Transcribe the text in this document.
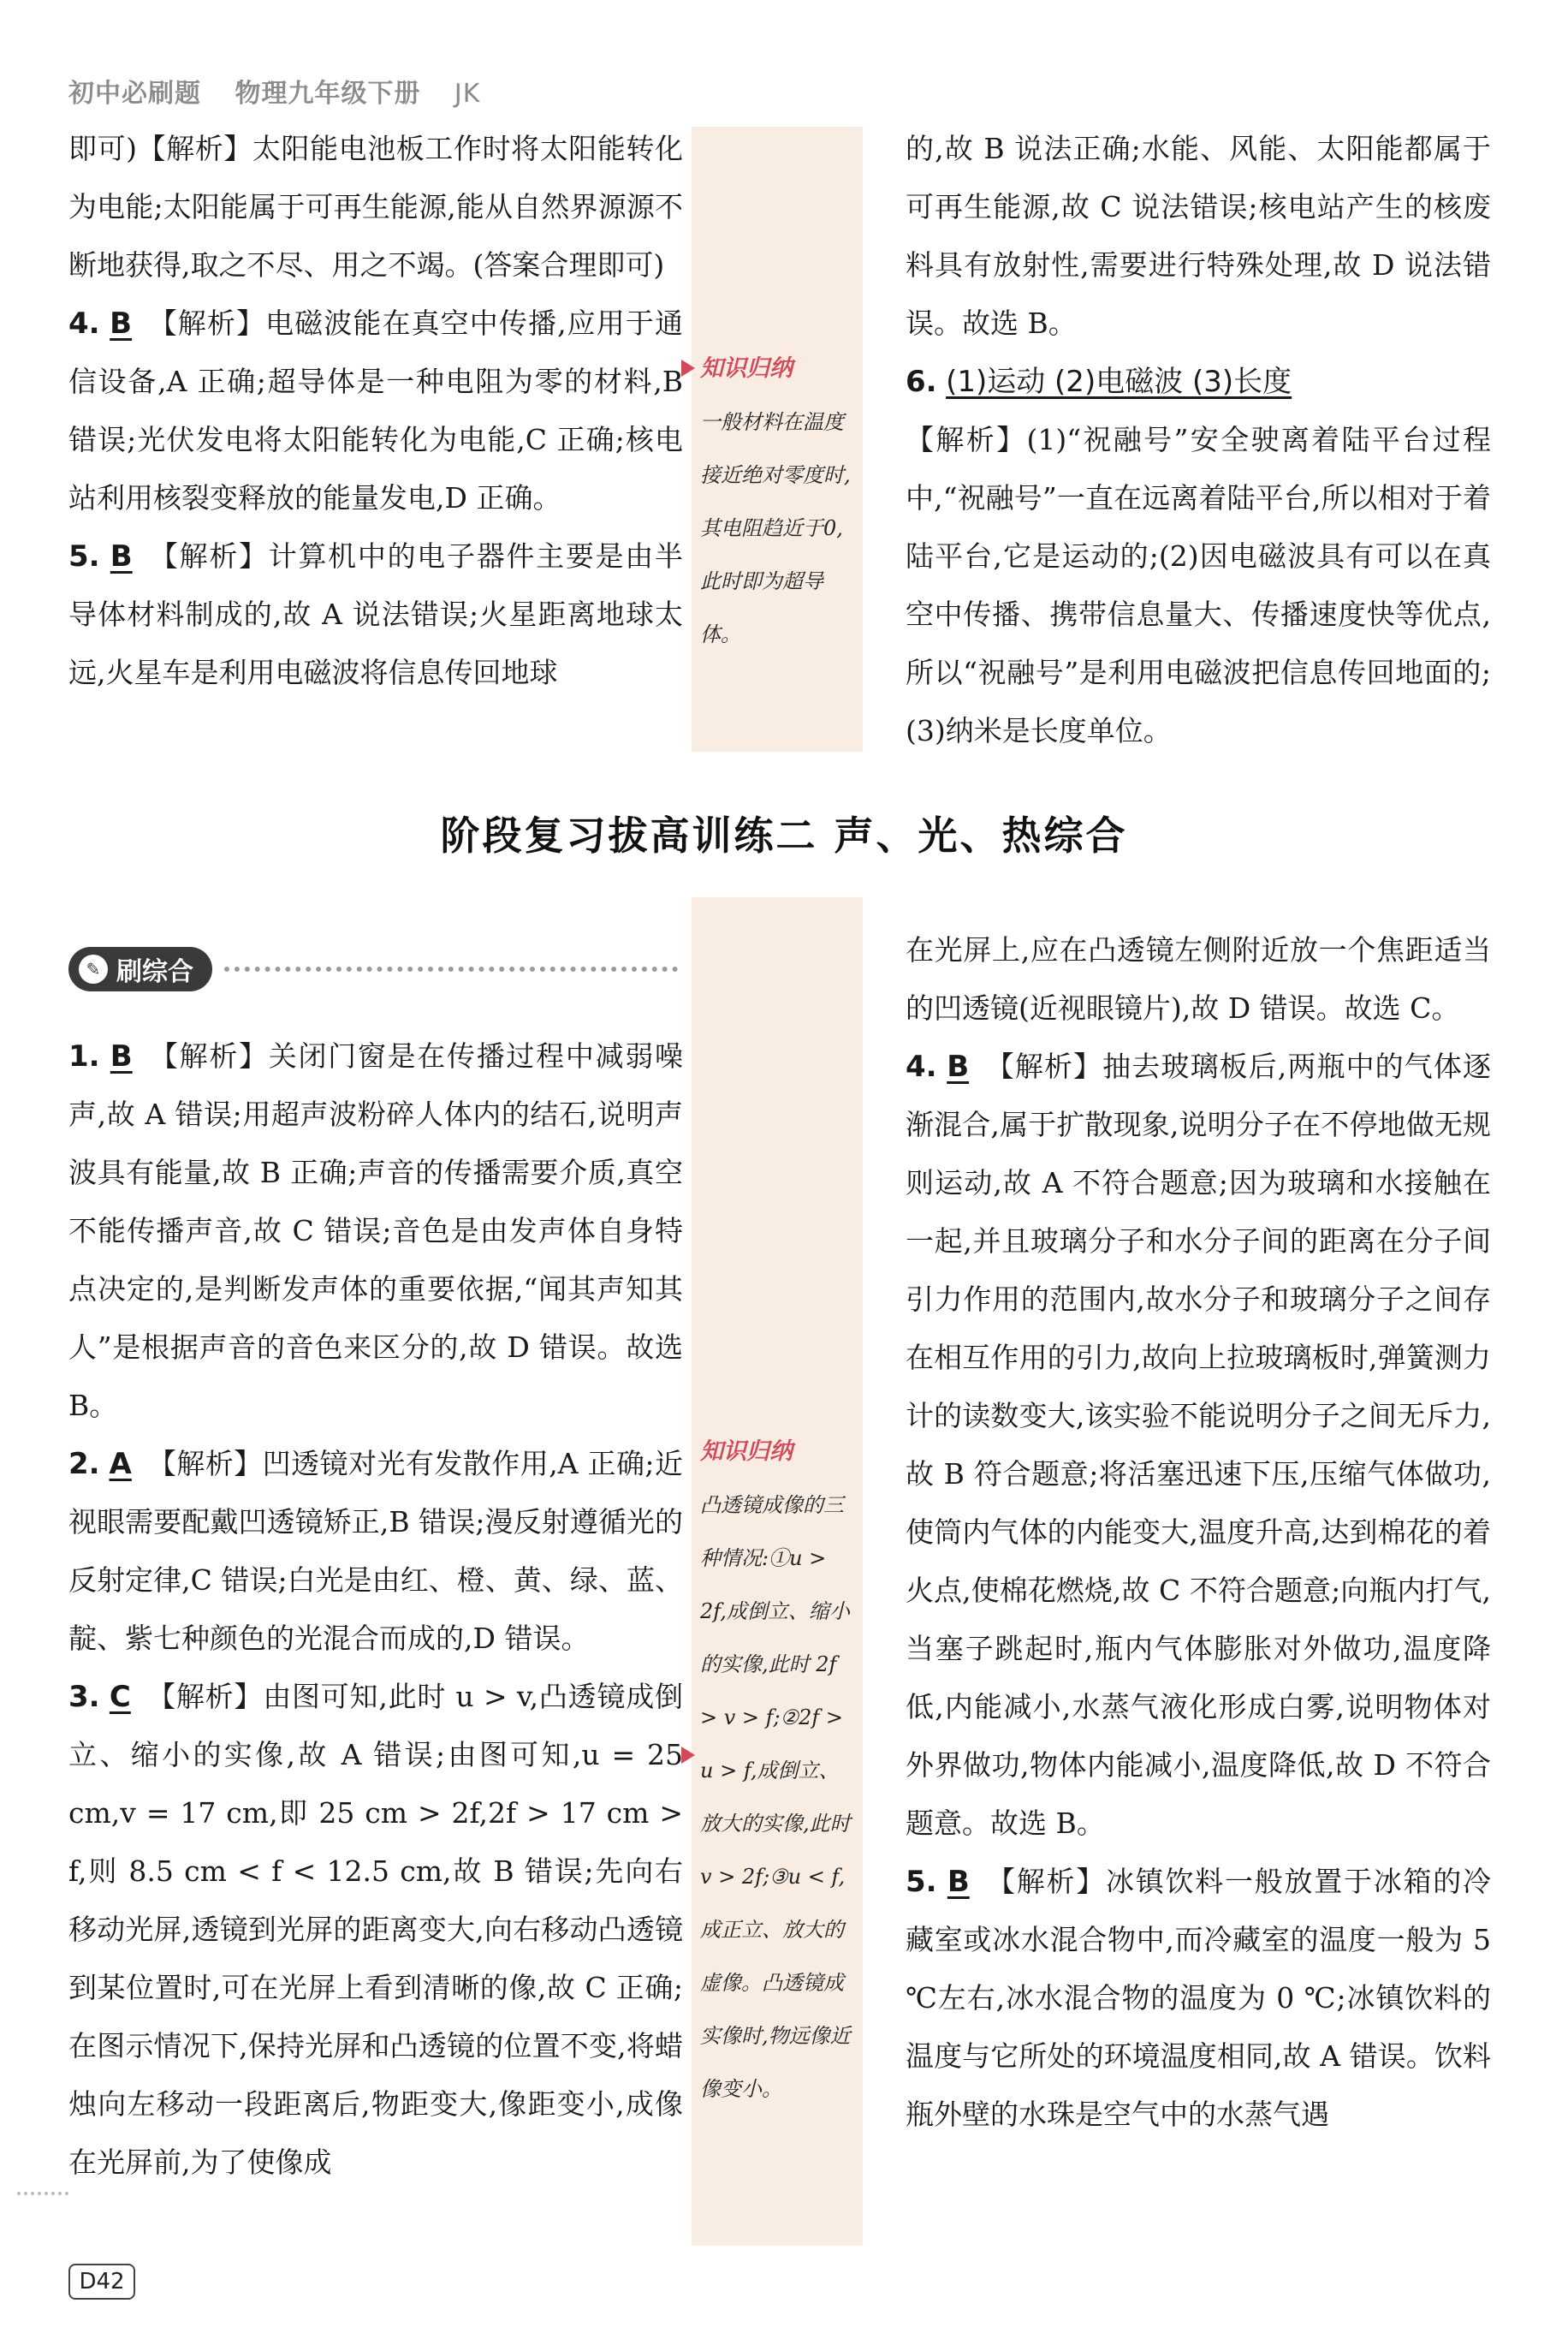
初中必刷题 物理九年级下册 JK

即可)【解析】太阳能电池板工作时将太阳能转化为电能;太阳能属于可再生能源,能从自然界源源不断地获得,取之不尽、用之不竭。(答案合理即可)

4. B 【解析】电磁波能在真空中传播,应用于通信设备,A 正确;超导体是一种电阻为零的材料,B 错误;光伏发电将太阳能转化为电能,C 正确;核电站利用核裂变释放的能量发电,D 正确。

5. B 【解析】计算机中的电子器件主要是由半导体材料制成的,故 A 说法错误;火星距离地球太远,火星车是利用电磁波将信息传回地球

知识归纳
一般材料在温度接近绝对零度时,其电阻趋近于0,此时即为超导体。

的,故 B 说法正确;水能、风能、太阳能都属于可再生能源,故 C 说法错误;核电站产生的核废料具有放射性,需要进行特殊处理,故 D 说法错误。故选 B。

6. (1)运动 (2)电磁波 (3)长度

【解析】(1)“祝融号”安全驶离着陆平台过程中,“祝融号”一直在远离着陆平台,所以相对于着陆平台,它是运动的;(2)因电磁波具有可以在真空中传播、携带信息量大、传播速度快等优点,所以“祝融号”是利用电磁波把信息传回地面的;(3)纳米是长度单位。

阶段复习拔高训练二 声、光、热综合
✎ 刷综合

1. B 【解析】关闭门窗是在传播过程中减弱噪声,故 A 错误;用超声波粉碎人体内的结石,说明声波具有能量,故 B 正确;声音的传播需要介质,真空不能传播声音,故 C 错误;音色是由发声体自身特点决定的,是判断发声体的重要依据,“闻其声知其人”是根据声音的音色来区分的,故 D 错误。故选 B。

2. A 【解析】凹透镜对光有发散作用,A 正确;近视眼需要配戴凹透镜矫正,B 错误;漫反射遵循光的反射定律,C 错误;白光是由红、橙、黄、绿、蓝、靛、紫七种颜色的光混合而成的,D 错误。

3. C 【解析】由图可知,此时 u > v,凸透镜成倒立、缩小的实像,故 A 错误;由图可知,u = 25 cm,v = 17 cm,即 25 cm > 2f,2f > 17 cm > f,则 8.5 cm < f < 12.5 cm,故 B 错误;先向右移动光屏,透镜到光屏的距离变大,向右移动凸透镜到某位置时,可在光屏上看到清晰的像,故 C 正确;在图示情况下,保持光屏和凸透镜的位置不变,将蜡烛向左移动一段距离后,物距变大,像距变小,成像在光屏前,为了使像成

知识归纳
凸透镜成像的三种情况:①u > 2f,成倒立、缩小的实像,此时 2f > v > f;②2f > u > f,成倒立、放大的实像,此时 v > 2f;③u < f,成正立、放大的虚像。凸透镜成实像时,物远像近像变小。

在光屏上,应在凸透镜左侧附近放一个焦距适当的凹透镜(近视眼镜片),故 D 错误。故选 C。

4. B 【解析】抽去玻璃板后,两瓶中的气体逐渐混合,属于扩散现象,说明分子在不停地做无规则运动,故 A 不符合题意;因为玻璃和水接触在一起,并且玻璃分子和水分子间的距离在分子间引力作用的范围内,故水分子和玻璃分子之间存在相互作用的引力,故向上拉玻璃板时,弹簧测力计的读数变大,该实验不能说明分子之间无斥力,故 B 符合题意;将活塞迅速下压,压缩气体做功,使筒内气体的内能变大,温度升高,达到棉花的着火点,使棉花燃烧,故 C 不符合题意;向瓶内打气,当塞子跳起时,瓶内气体膨胀对外做功,温度降低,内能减小,水蒸气液化形成白雾,说明物体对外界做功,物体内能减小,温度降低,故 D 不符合题意。故选 B。

5. B 【解析】冰镇饮料一般放置于冰箱的冷藏室或冰水混合物中,而冷藏室的温度一般为 5 ℃左右,冰水混合物的温度为 0 ℃;冰镇饮料的温度与它所处的环境温度相同,故 A 错误。饮料瓶外壁的水珠是空气中的水蒸气遇

D42
